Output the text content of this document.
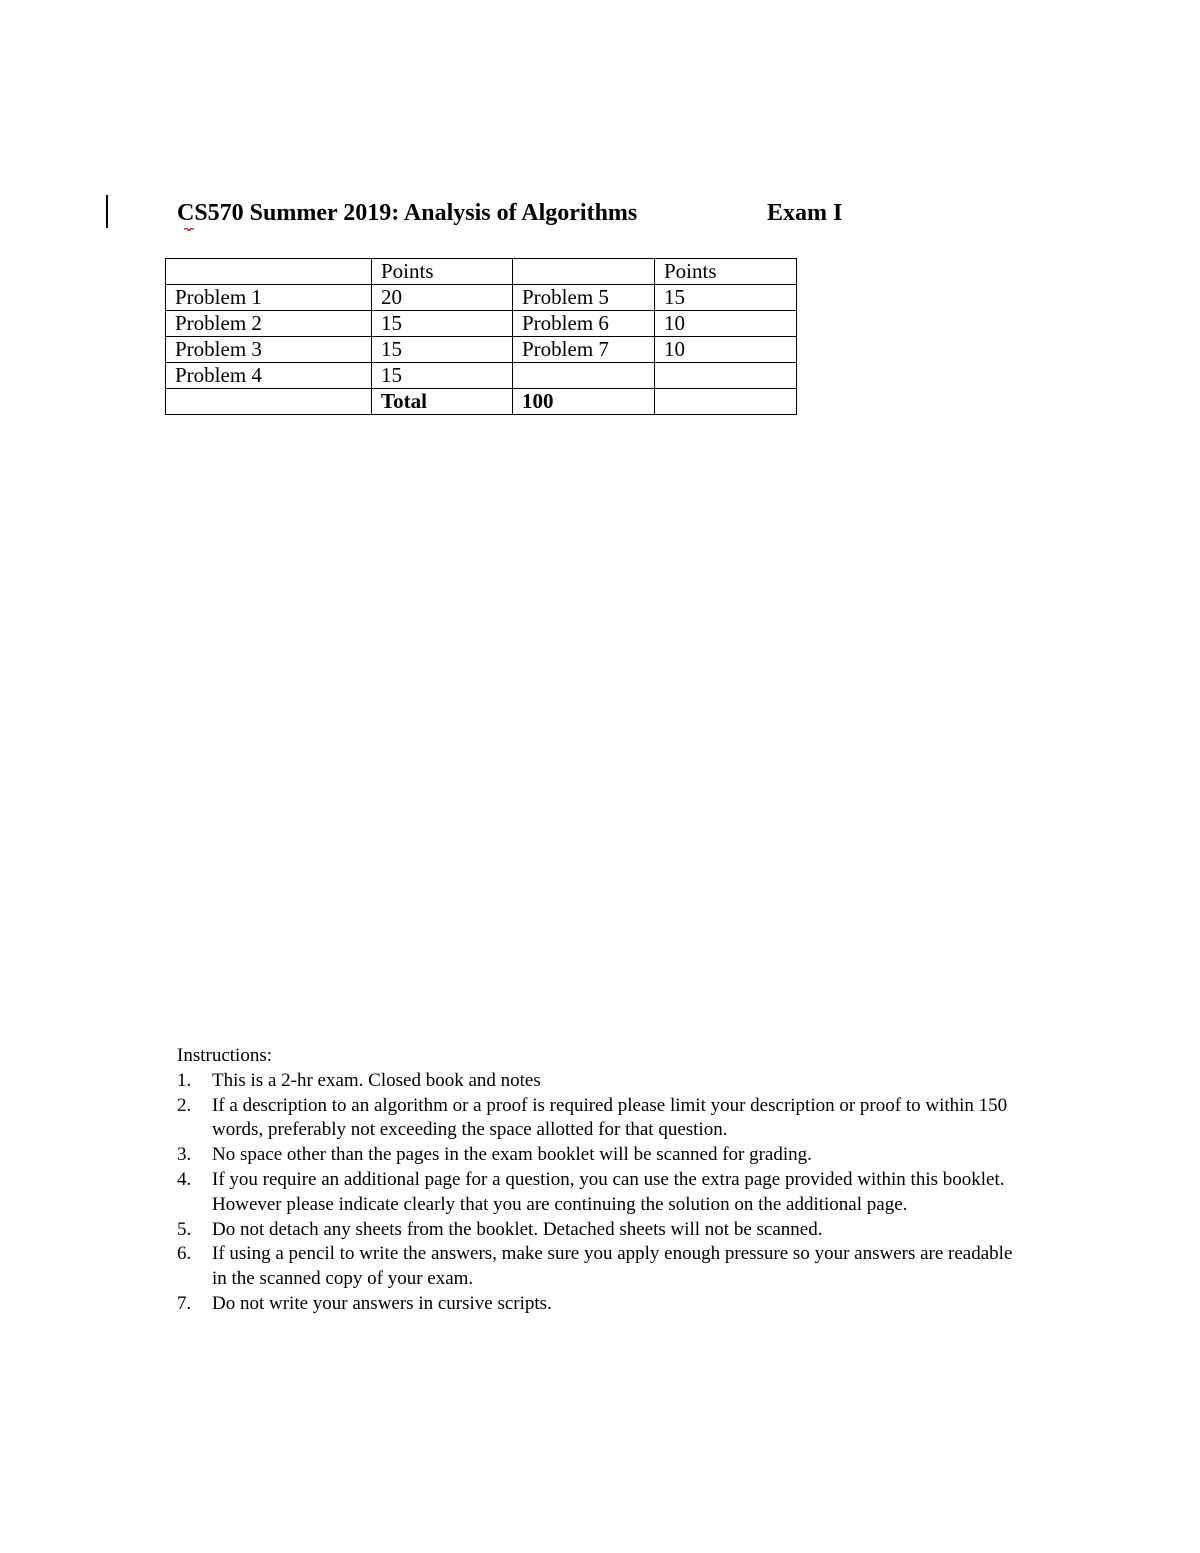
CS570 Summer 2019: Analysis of Algorithms	Exam I
	Points		Points
Problem 1	20	Problem 5	15
Problem 2	15	Problem 6	10
Problem 3	15	Problem 7	10
Problem 4	15		
	Total	100	

Instructions:

1. This is a 2-hr exam. Closed book and notes
2. If a description to an algorithm or a proof is required please limit your description or proof to within 150 words, preferably not exceeding the space allotted for that question.
3. No space other than the pages in the exam booklet will be scanned for grading.
4. If you require an additional page for a question, you can use the extra page provided within this booklet. However please indicate clearly that you are continuing the solution on the additional page.
5. Do not detach any sheets from the booklet. Detached sheets will not be scanned.
6. If using a pencil to write the answers, make sure you apply enough pressure so your answers are readable in the scanned copy of your exam.
7. Do not write your answers in cursive scripts.
